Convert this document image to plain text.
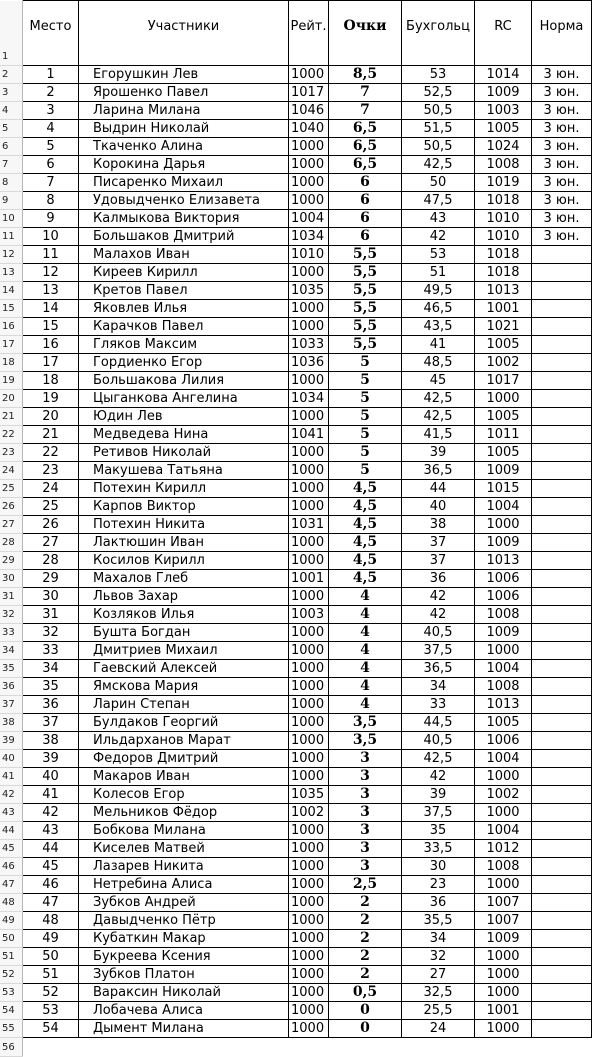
1	Место	Участники	Рейт.	Очки	Бухгольц	RC	Норма
2	1	Егорушкин Лев	1000	8,5	53	1014	3 юн.
3	2	Ярошенко Павел	1017	7	52,5	1009	3 юн.
4	3	Ларина Милана	1046	7	50,5	1003	3 юн.
5	4	Выдрин Николай	1040	6,5	51,5	1005	3 юн.
6	5	Ткаченко Алина	1000	6,5	50,5	1024	3 юн.
7	6	Корокина Дарья	1000	6,5	42,5	1008	3 юн.
8	7	Писаренко Михаил	1000	6	50	1019	3 юн.
9	8	Удовыдченко Елизавета	1000	6	47,5	1018	3 юн.
10	9	Калмыкова Виктория	1004	6	43	1010	3 юн.
11	10	Большаков Дмитрий	1034	6	42	1010	3 юн.
12	11	Малахов Иван	1010	5,5	53	1018	
13	12	Киреев Кирилл	1000	5,5	51	1018	
14	13	Кретов Павел	1035	5,5	49,5	1013	
15	14	Яковлев Илья	1000	5,5	46,5	1001	
16	15	Карачков Павел	1000	5,5	43,5	1021	
17	16	Гляков Максим	1033	5,5	41	1005	
18	17	Гордиенко Егор	1036	5	48,5	1002	
19	18	Большакова Лилия	1000	5	45	1017	
20	19	Цыганкова Ангелина	1034	5	42,5	1000	
21	20	Юдин Лев	1000	5	42,5	1005	
22	21	Медведева Нина	1041	5	41,5	1011	
23	22	Ретивов Николай	1000	5	39	1005	
24	23	Макушева Татьяна	1000	5	36,5	1009	
25	24	Потехин Кирилл	1000	4,5	44	1015	
26	25	Карпов Виктор	1000	4,5	40	1004	
27	26	Потехин Никита	1031	4,5	38	1000	
28	27	Лактюшин Иван	1000	4,5	37	1009	
29	28	Косилов Кирилл	1000	4,5	37	1013	
30	29	Махалов Глеб	1001	4,5	36	1006	
31	30	Львов Захар	1000	4	42	1006	
32	31	Козляков Илья	1003	4	42	1008	
33	32	Бушта Богдан	1000	4	40,5	1009	
34	33	Дмитриев Михаил	1000	4	37,5	1000	
35	34	Гаевский Алексей	1000	4	36,5	1004	
36	35	Ямскова Мария	1000	4	34	1008	
37	36	Ларин Степан	1000	4	33	1013	
38	37	Булдаков Георгий	1000	3,5	44,5	1005	
39	38	Ильдарханов Марат	1000	3,5	40,5	1006	
40	39	Федоров Дмитрий	1000	3	42,5	1004	
41	40	Макаров Иван	1000	3	42	1000	
42	41	Колесов Егор	1035	3	39	1002	
43	42	Мельников Фёдор	1002	3	37,5	1000	
44	43	Бобкова Милана	1000	3	35	1004	
45	44	Киселев Матвей	1000	3	33,5	1012	
46	45	Лазарев Никита	1000	3	30	1008	
47	46	Нетребина Алиса	1000	2,5	23	1000	
48	47	Зубков Андрей	1000	2	36	1007	
49	48	Давыдченко Пётр	1000	2	35,5	1007	
50	49	Кубаткин Макар	1000	2	34	1009	
51	50	Букреева Ксения	1000	2	32	1000	
52	51	Зубков Платон	1000	2	27	1000	
53	52	Вараксин Николай	1000	0,5	32,5	1000	
54	53	Лобачева Алиса	1000	0	25,5	1001	
55	54	Дымент Милана	1000	0	24	1000	
56							
